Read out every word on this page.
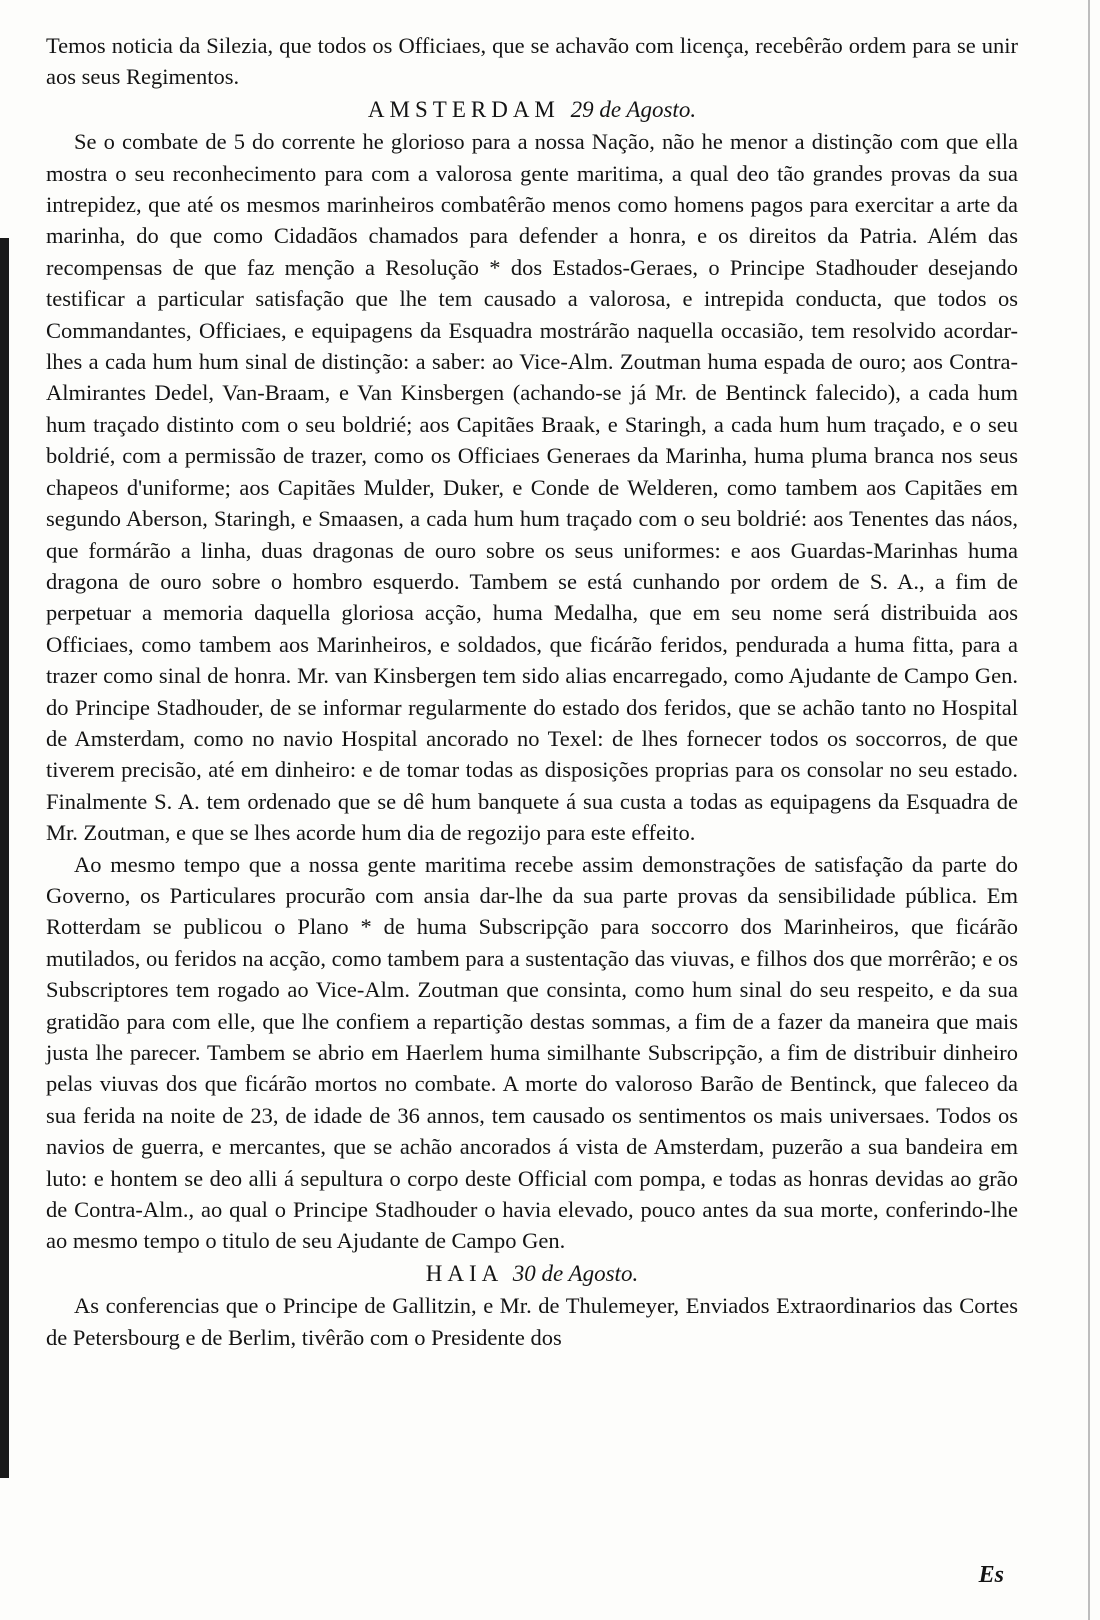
Temos noticia da Silezia, que todos os Officiaes, que se achavão com licença, recebêrão ordem para se unir aos seus Regimentos.

AMSTERDAM 29 de Agosto.

Se o combate de 5 do corrente he glorioso para a nossa Nação, não he menor a distinção com que ella mostra o seu reconhecimento para com a valorosa gente maritima, a qual deo tão grandes provas da sua intrepidez, que até os mesmos marinheiros combatêrão menos como homens pagos para exercitar a arte da marinha, do que como Cidadãos chamados para defender a honra, e os direitos da Patria. Além das recompensas de que faz menção a Resolução * dos Estados-Geraes, o Principe Stadhouder desejando testificar a particular satisfação que lhe tem causado a valorosa, e intrepida conducta, que todos os Commandantes, Officiaes, e equipagens da Esquadra mostrárão naquella occasião, tem resolvido acordar-lhes a cada hum hum sinal de distinção: a saber: ao Vice-Alm. Zoutman huma espada de ouro; aos Contra-Almirantes Dedel, Van-Braam, e Van Kinsbergen (achando-se já Mr. de Bentinck falecido), a cada hum hum traçado distinto com o seu boldrié; aos Capitães Braak, e Staringh, a cada hum hum traçado, e o seu boldrié, com a permissão de trazer, como os Officiaes Generaes da Marinha, huma pluma branca nos seus chapeos d'uniforme; aos Capitães Mulder, Duker, e Conde de Welderen, como tambem aos Capitães em segundo Aberson, Staringh, e Smaasen, a cada hum hum traçado com o seu boldrié: aos Tenentes das náos, que formárão a linha, duas dragonas de ouro sobre os seus uniformes: e aos Guardas-Marinhas huma dragona de ouro sobre o hombro esquerdo. Tambem se está cunhando por ordem de S. A., a fim de perpetuar a memoria daquella gloriosa acção, huma Medalha, que em seu nome será distribuida aos Officiaes, como tambem aos Marinheiros, e soldados, que ficárão feridos, pendurada a huma fitta, para a trazer como sinal de honra. Mr. van Kinsbergen tem sido alias encarregado, como Ajudante de Campo Gen. do Principe Stadhouder, de se informar regularmente do estado dos feridos, que se achão tanto no Hospital de Amsterdam, como no navio Hospital ancorado no Texel: de lhes fornecer todos os soccorros, de que tiverem precisão, até em dinheiro: e de tomar todas as disposições proprias para os consolar no seu estado. Finalmente S. A. tem ordenado que se dê hum banquete á sua custa a todas as equipagens da Esquadra de Mr. Zoutman, e que se lhes acorde hum dia de regozijo para este effeito.

Ao mesmo tempo que a nossa gente maritima recebe assim demonstrações de satisfação da parte do Governo, os Particulares procurão com ansia dar-lhe da sua parte provas da sensibilidade pública. Em Rotterdam se publicou o Plano * de huma Subscripção para soccorro dos Marinheiros, que ficárão mutilados, ou feridos na acção, como tambem para a sustentação das viuvas, e filhos dos que morrêrão; e os Subscriptores tem rogado ao Vice-Alm. Zoutman que consinta, como hum sinal do seu respeito, e da sua gratidão para com elle, que lhe confiem a repartição destas sommas, a fim de a fazer da maneira que mais justa lhe parecer. Tambem se abrio em Haerlem huma similhante Subscripção, a fim de distribuir dinheiro pelas viuvas dos que ficárão mortos no combate. A morte do valoroso Barão de Bentinck, que faleceo da sua ferida na noite de 23, de idade de 36 annos, tem causado os sentimentos os mais universaes. Todos os navios de guerra, e mercantes, que se achão ancorados á vista de Amsterdam, puzerão a sua bandeira em luto: e hontem se deo alli á sepultura o corpo deste Official com pompa, e todas as honras devidas ao grão de Contra-Alm., ao qual o Principe Stadhouder o havia elevado, pouco antes da sua morte, conferindo-lhe ao mesmo tempo o titulo de seu Ajudante de Campo Gen.

HAIA 30 de Agosto.

As conferencias que o Principe de Gallitzin, e Mr. de Thulemeyer, Enviados Extraordinarios das Cortes de Petersbourg e de Berlim, tivêrão com o Presidente dos

Es
